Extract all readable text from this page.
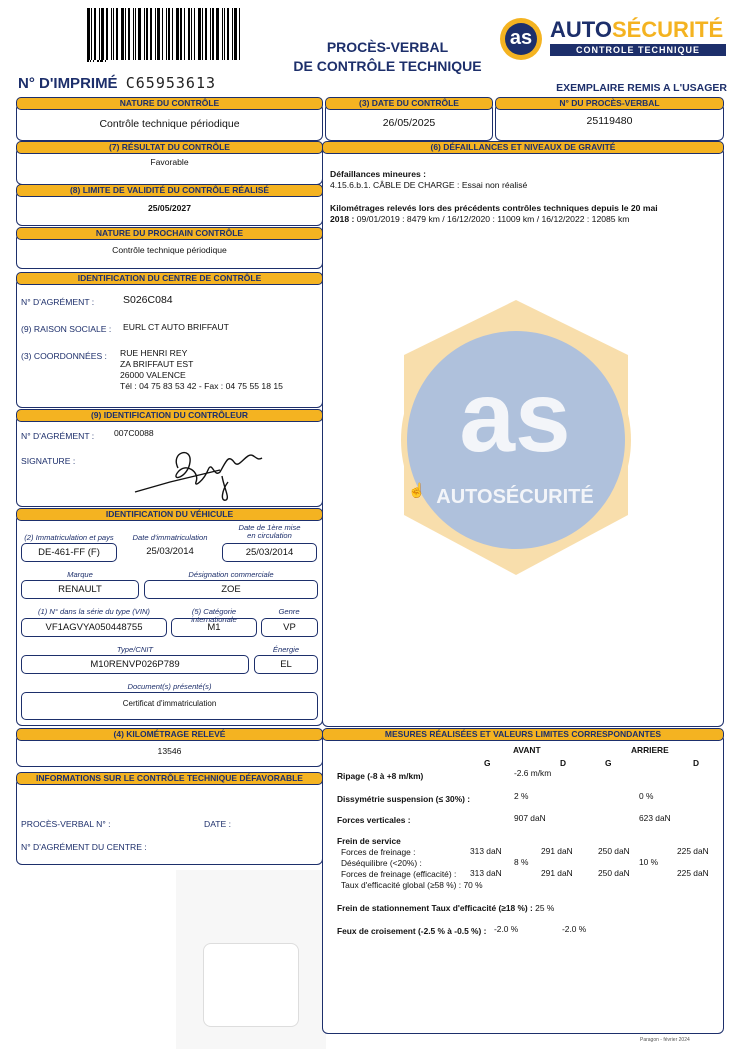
N° D'IMPRIMÉ C65953613
PROCÈS-VERBAL
DE CONTRÔLE TECHNIQUE
as AUTOSÉCURITÉ
CONTROLE TECHNIQUE
EXEMPLAIRE REMIS A L'USAGER
NATURE DU CONTRÔLE
Contrôle technique périodique
(3) DATE DU CONTRÔLE
26/05/2025
N° DU PROCÈS-VERBAL
25119480
(7) RÉSULTAT DU CONTRÔLE
Favorable
(8) LIMITE DE VALIDITÉ DU CONTRÔLE RÉALISÉ
25/05/2027
NATURE DU PROCHAIN CONTRÔLE
Contrôle technique périodique
IDENTIFICATION DU CENTRE DE CONTRÔLE
N° D'AGRÉMENT :	S026C084
(9) RAISON SOCIALE : EURL CT AUTO BRIFFAUT
(3) COORDONNÉES : RUE HENRI REY
ZA BRIFFAUT EST
26000 VALENCE
Tél : 04 75 83 53 42 - Fax : 04 75 55 18 15
(9) IDENTIFICATION DU CONTRÔLEUR
N° D'AGRÉMENT : 007C0088
SIGNATURE :
IDENTIFICATION DU VÉHICULE
(2) Immatriculation et pays
DE-461-FF (F)
Date d'immatriculation
25/03/2014
Date de 1ère mise
en circulation
25/03/2014
Marque
RENAULT
Désignation commerciale
ZOE
(1) N° dans la série du type (VIN)
VF1AGVYA050448755
(5) Catégorie internationale
M1
Genre
VP
Type/CNIT
M10RENVP026P789
Énergie
EL
Document(s) présenté(s)
Certificat d'immatriculation
(4) KILOMÉTRAGE RELEVÉ
13546
INFORMATIONS SUR LE CONTRÔLE TECHNIQUE DÉFAVORABLE
PROCÈS-VERBAL N° :	DATE :
N° D'AGRÉMENT DU CENTRE :
(6) DÉFAILLANCES ET NIVEAUX DE GRAVITÉ
Défaillances mineures :
4.15.6.b.1. CÂBLE DE CHARGE : Essai non réalisé
Kilométrages relevés lors des précédents contrôles techniques depuis le 20 mai
2018 : 09/01/2019 : 8479 km / 16/12/2020 : 11009 km / 16/12/2022 : 12085 km
as
AUTOSÉCURITÉ
☝
MESURES RÉALISÉES ET VALEURS LIMITES CORRESPONDANTES
AVANT	ARRIERE
G	D	G	D
Ripage (-8 à +8 m/km)	-2.6 m/km
Dissymétrie suspension (≤ 30%) :	2 %	0 %
Forces verticales :	907 daN	623 daN
Frein de service
Forces de freinage :	313 daN	291 daN	250 daN	225 daN
Déséquilibre (<20%) :	8 %	10 %
Forces de freinage (efficacité) : 313 daN	291 daN	250 daN	225 daN
Taux d'efficacité global (≥58 %) : 70 %
Frein de stationnement Taux d'efficacité (≥18 %) : 25 %
Feux de croisement (-2.5 % à -0.5 %) : -2.0 %	-2.0 %
Paragon - février 2024
